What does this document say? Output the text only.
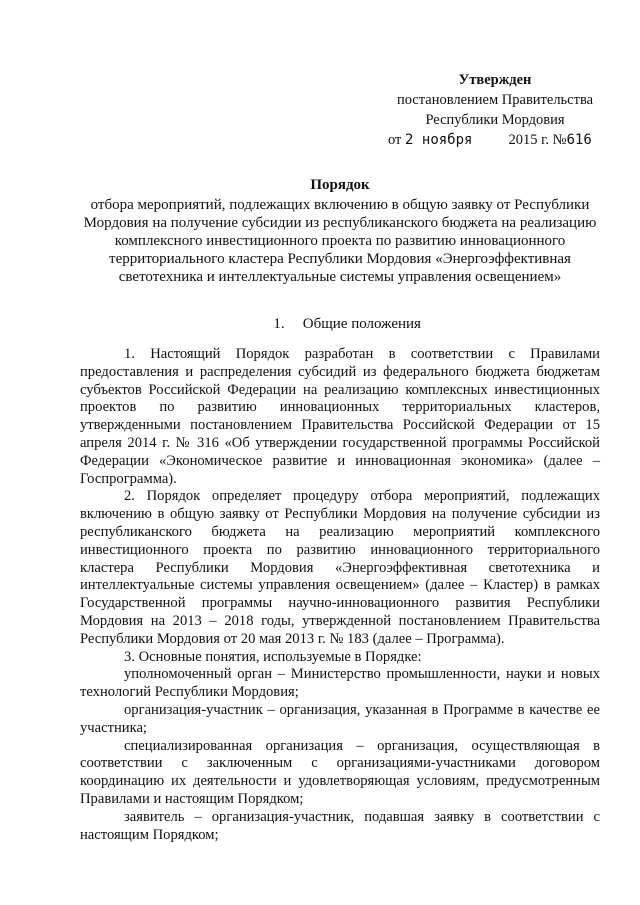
Утвержден
постановлением Правительства
Республики Мордовия
от 2 ноября 2015 г. №616
Порядок
отбора мероприятий, подлежащих включению в общую заявку от Республики Мордовия на получение субсидии из республиканского бюджета на реализацию комплексного инвестиционного проекта по развитию инновационного территориального кластера Республики Мордовия «Энергоэффективная светотехника и интеллектуальные системы управления освещением»
1. Общие положения

1. Настоящий Порядок разработан в соответствии с Правилами предоставления и распределения субсидий из федерального бюджета бюджетам субъектов Российской Федерации на реализацию комплексных инвестиционных проектов по развитию инновационных территориальных кластеров, утвержденными постановлением Правительства Российской Федерации от 15 апреля 2014 г. № 316 «Об утверждении государственной программы Российской Федерации «Экономическое развитие и инновационная экономика» (далее – Госпрограмма).

2. Порядок определяет процедуру отбора мероприятий, подлежащих включению в общую заявку от Республики Мордовия на получение субсидии из республиканского бюджета на реализацию мероприятий комплексного инвестиционного проекта по развитию инновационного территориального кластера Республики Мордовия «Энергоэффективная светотехника и интеллектуальные системы управления освещением» (далее – Кластер) в рамках Государственной программы научно-инновационного развития Республики Мордовия на 2013 – 2018 годы, утвержденной постановлением Правительства Республики Мордовия от 20 мая 2013 г. № 183 (далее – Программа).

3. Основные понятия, используемые в Порядке:

уполномоченный орган – Министерство промышленности, науки и новых технологий Республики Мордовия;

организация-участник – организация, указанная в Программе в качестве ее участника;

специализированная организация – организация, осуществляющая в соответствии с заключенным с организациями-участниками договором координацию их деятельности и удовлетворяющая условиям, предусмотренным Правилами и настоящим Порядком;

заявитель – организация-участник, подавшая заявку в соответствии с настоящим Порядком;
